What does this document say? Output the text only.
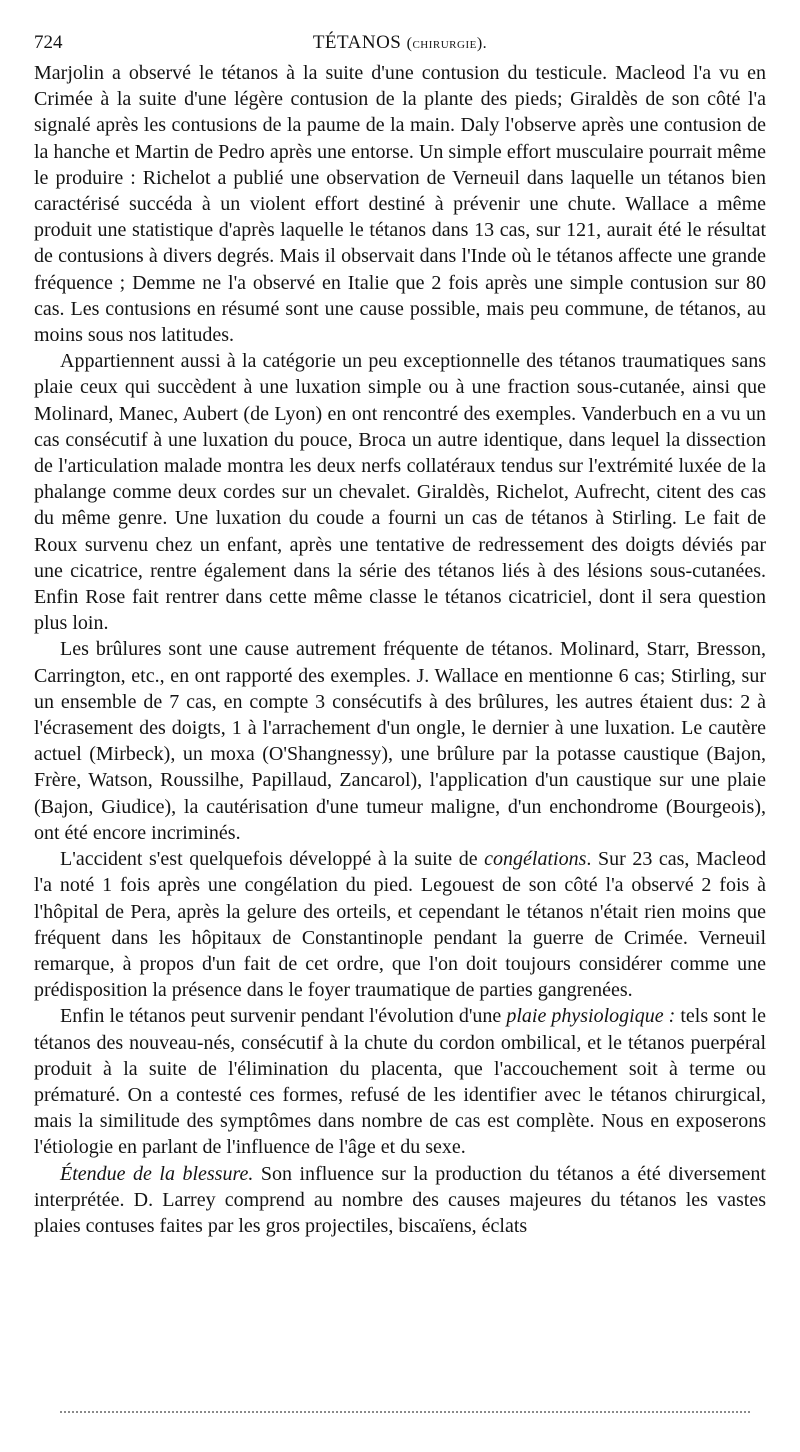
724	TÉTANOS (chirurgie).

Marjolin a observé le tétanos à la suite d'une contusion du testicule. Macleod l'a vu en Crimée à la suite d'une légère contusion de la plante des pieds; Giraldès de son côté l'a signalé après les contusions de la paume de la main. Daly l'observe après une contusion de la hanche et Martin de Pedro après une entorse. Un simple effort musculaire pourrait même le produire : Richelot a publié une observation de Verneuil dans laquelle un tétanos bien caractérisé succéda à un violent effort destiné à prévenir une chute. Wallace a même produit une statistique d'après laquelle le tétanos dans 13 cas, sur 121, aurait été le résultat de contusions à divers degrés. Mais il observait dans l'Inde où le tétanos affecte une grande fréquence ; Demme ne l'a observé en Italie que 2 fois après une simple contusion sur 80 cas. Les contusions en résumé sont une cause possible, mais peu commune, de tétanos, au moins sous nos latitudes.

Appartiennent aussi à la catégorie un peu exceptionnelle des tétanos traumatiques sans plaie ceux qui succèdent à une luxation simple ou à une fraction sous-cutanée, ainsi que Molinard, Manec, Aubert (de Lyon) en ont rencontré des exemples. Vanderbuch en a vu un cas consécutif à une luxation du pouce, Broca un autre identique, dans lequel la dissection de l'articulation malade montra les deux nerfs collatéraux tendus sur l'extrémité luxée de la phalange comme deux cordes sur un chevalet. Giraldès, Richelot, Aufrecht, citent des cas du même genre. Une luxation du coude a fourni un cas de tétanos à Stirling. Le fait de Roux survenu chez un enfant, après une tentative de redressement des doigts déviés par une cicatrice, rentre également dans la série des tétanos liés à des lésions sous-cutanées. Enfin Rose fait rentrer dans cette même classe le tétanos cicatriciel, dont il sera question plus loin.

Les brûlures sont une cause autrement fréquente de tétanos. Molinard, Starr, Bresson, Carrington, etc., en ont rapporté des exemples. J. Wallace en mentionne 6 cas; Stirling, sur un ensemble de 7 cas, en compte 3 consécutifs à des brûlures, les autres étaient dus: 2 à l'écrasement des doigts, 1 à l'arrachement d'un ongle, le dernier à une luxation. Le cautère actuel (Mirbeck), un moxa (O'Shangnessy), une brûlure par la potasse caustique (Bajon, Frère, Watson, Roussilhe, Papillaud, Zancarol), l'application d'un caustique sur une plaie (Bajon, Giudice), la cautérisation d'une tumeur maligne, d'un enchondrome (Bourgeois), ont été encore incriminés.

L'accident s'est quelquefois développé à la suite de congélations. Sur 23 cas, Macleod l'a noté 1 fois après une congélation du pied. Legouest de son côté l'a observé 2 fois à l'hôpital de Pera, après la gelure des orteils, et cependant le tétanos n'était rien moins que fréquent dans les hôpitaux de Constantinople pendant la guerre de Crimée. Verneuil remarque, à propos d'un fait de cet ordre, que l'on doit toujours considérer comme une prédisposition la présence dans le foyer traumatique de parties gangrenées.

Enfin le tétanos peut survenir pendant l'évolution d'une plaie physiologique : tels sont le tétanos des nouveau-nés, consécutif à la chute du cordon ombilical, et le tétanos puerpéral produit à la suite de l'élimination du placenta, que l'accouchement soit à terme ou prématuré. On a contesté ces formes, refusé de les identifier avec le tétanos chirurgical, mais la similitude des symptômes dans nombre de cas est complète. Nous en exposerons l'étiologie en parlant de l'influence de l'âge et du sexe.

Étendue de la blessure. Son influence sur la production du tétanos a été diversement interprétée. D. Larrey comprend au nombre des causes majeures du tétanos les vastes plaies contuses faites par les gros projectiles, biscaïens, éclats
